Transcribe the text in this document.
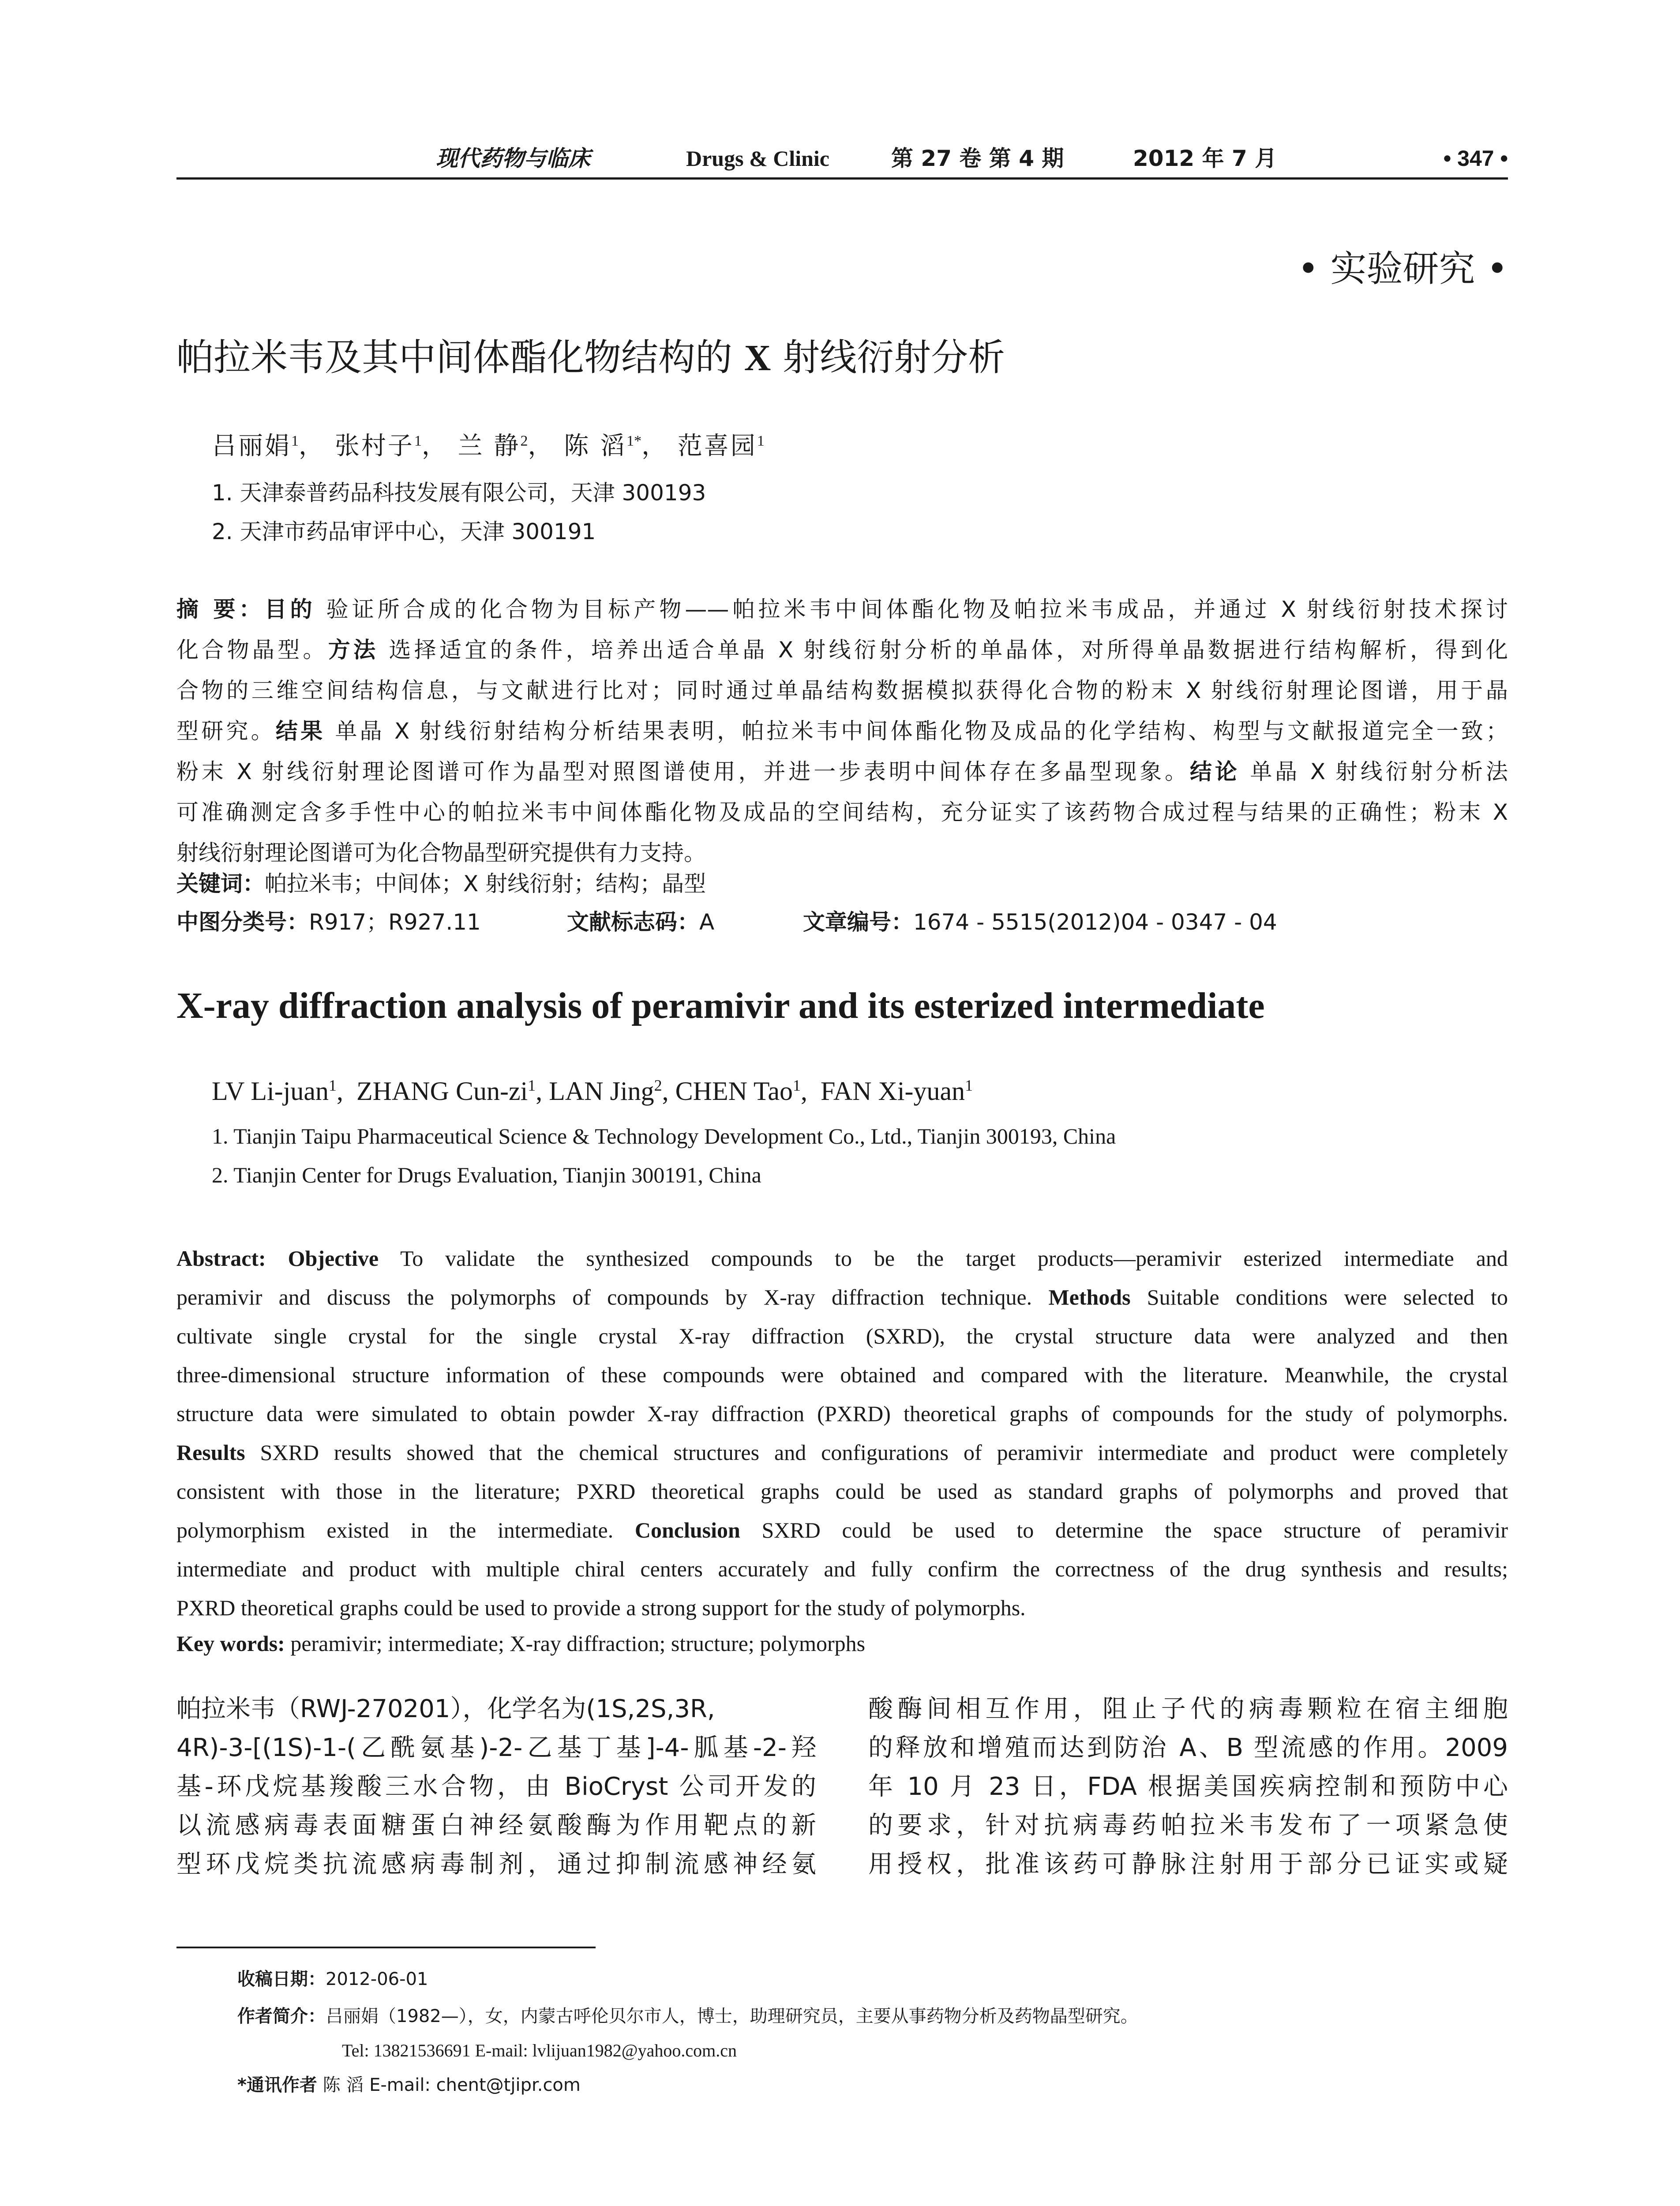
现代药物与临床	Drugs & Clinic	第 27 卷 第 4 期	2012 年 7 月	• 347 •
• 实验研究 •
帕拉米韦及其中间体酯化物结构的 X 射线衍射分析
吕丽娟$^1$， 张村子$^1$， 兰 静$^2$， 陈 滔$^{1*}$， 范喜园$^1$
1. 天津泰普药品科技发展有限公司，天津 300193
2. 天津市药品审评中心，天津 300191
摘 要：目的 验证所合成的化合物为目标产物——帕拉米韦中间体酯化物及帕拉米韦成品，并通过 X 射线衍射技术探讨
化合物晶型。方法 选择适宜的条件，培养出适合单晶 X 射线衍射分析的单晶体，对所得单晶数据进行结构解析，得到化
合物的三维空间结构信息，与文献进行比对；同时通过单晶结构数据模拟获得化合物的粉末 X 射线衍射理论图谱，用于晶
型研究。结果 单晶 X 射线衍射结构分析结果表明，帕拉米韦中间体酯化物及成品的化学结构、构型与文献报道完全一致；
粉末 X 射线衍射理论图谱可作为晶型对照图谱使用，并进一步表明中间体存在多晶型现象。结论 单晶 X 射线衍射分析法
可准确测定含多手性中心的帕拉米韦中间体酯化物及成品的空间结构，充分证实了该药物合成过程与结果的正确性；粉末 X
射线衍射理论图谱可为化合物晶型研究提供有力支持。
关键词：帕拉米韦；中间体；X 射线衍射；结构；晶型
中图分类号：R917；R927.11	文献标志码：A	文章编号：1674 - 5515(2012)04 - 0347 - 04
X-ray diffraction analysis of peramivir and its esterized intermediate
LV Li-juan$^1$,  ZHANG Cun-$zi^1$, LAN Jing$^2$, CHEN Tao$^1$,  FAN Xi-yuan$^1$
1. Tianjin Taipu Pharmaceutical Science & Technology Development Co., Ltd., Tianjin 300193, China
2. Tianjin Center for Drugs Evaluation, Tianjin 300191, China
Abstract: Objective To validate the synthesized compounds to be the target products—peramivir esterized intermediate and
peramivir and discuss the polymorphs of compounds by X-ray diffraction technique. Methods Suitable conditions were selected to
cultivate single crystal for the single crystal X-ray diffraction (SXRD), the crystal structure data were analyzed and then
three-dimensional structure information of these compounds were obtained and compared with the literature. Meanwhile, the crystal
structure data were simulated to obtain powder X-ray diffraction (PXRD) theoretical graphs of compounds for the study of polymorphs.
Results SXRD results showed that the chemical structures and configurations of peramivir intermediate and product were completely
consistent with those in the literature; PXRD theoretical graphs could be used as standard graphs of polymorphs and proved that
polymorphism existed in the intermediate. Conclusion SXRD could be used to determine the space structure of peramivir
intermediate and product with multiple chiral centers accurately and fully confirm the correctness of the drug synthesis and results;
PXRD theoretical graphs could be used to provide a strong support for the study of polymorphs.
Key words: peramivir; intermediate; X-ray diffraction; structure; polymorphs
帕拉米韦（RWJ-270201），化学名为(1S,2S,3R,
4R)-3-[(1S)-1-(乙酰氨基)-2-乙基丁基]-4-胍基-2-羟
基-环戊烷基羧酸三水合物，由 BioCryst 公司开发的
以流感病毒表面糖蛋白神经氨酸酶为作用靶点的新
型环戊烷类抗流感病毒制剂，通过抑制流感神经氨
酸酶间相互作用，阻止子代的病毒颗粒在宿主细胞
的释放和增殖而达到防治 A、B 型流感的作用。2009
年 10 月 23 日，FDA 根据美国疾病控制和预防中心
的要求，针对抗病毒药帕拉米韦发布了一项紧急使
用授权，批准该药可静脉注射用于部分已证实或疑
收稿日期：2012-06-01
作者简介：吕丽娟（1982—），女，内蒙古呼伦贝尔市人，博士，助理研究员，主要从事药物分析及药物晶型研究。
Tel: 13821536691 E-mail: lvlijuan1982@yahoo.com.cn
*通讯作者 陈 滔 E-mail: chent@tjipr.com
